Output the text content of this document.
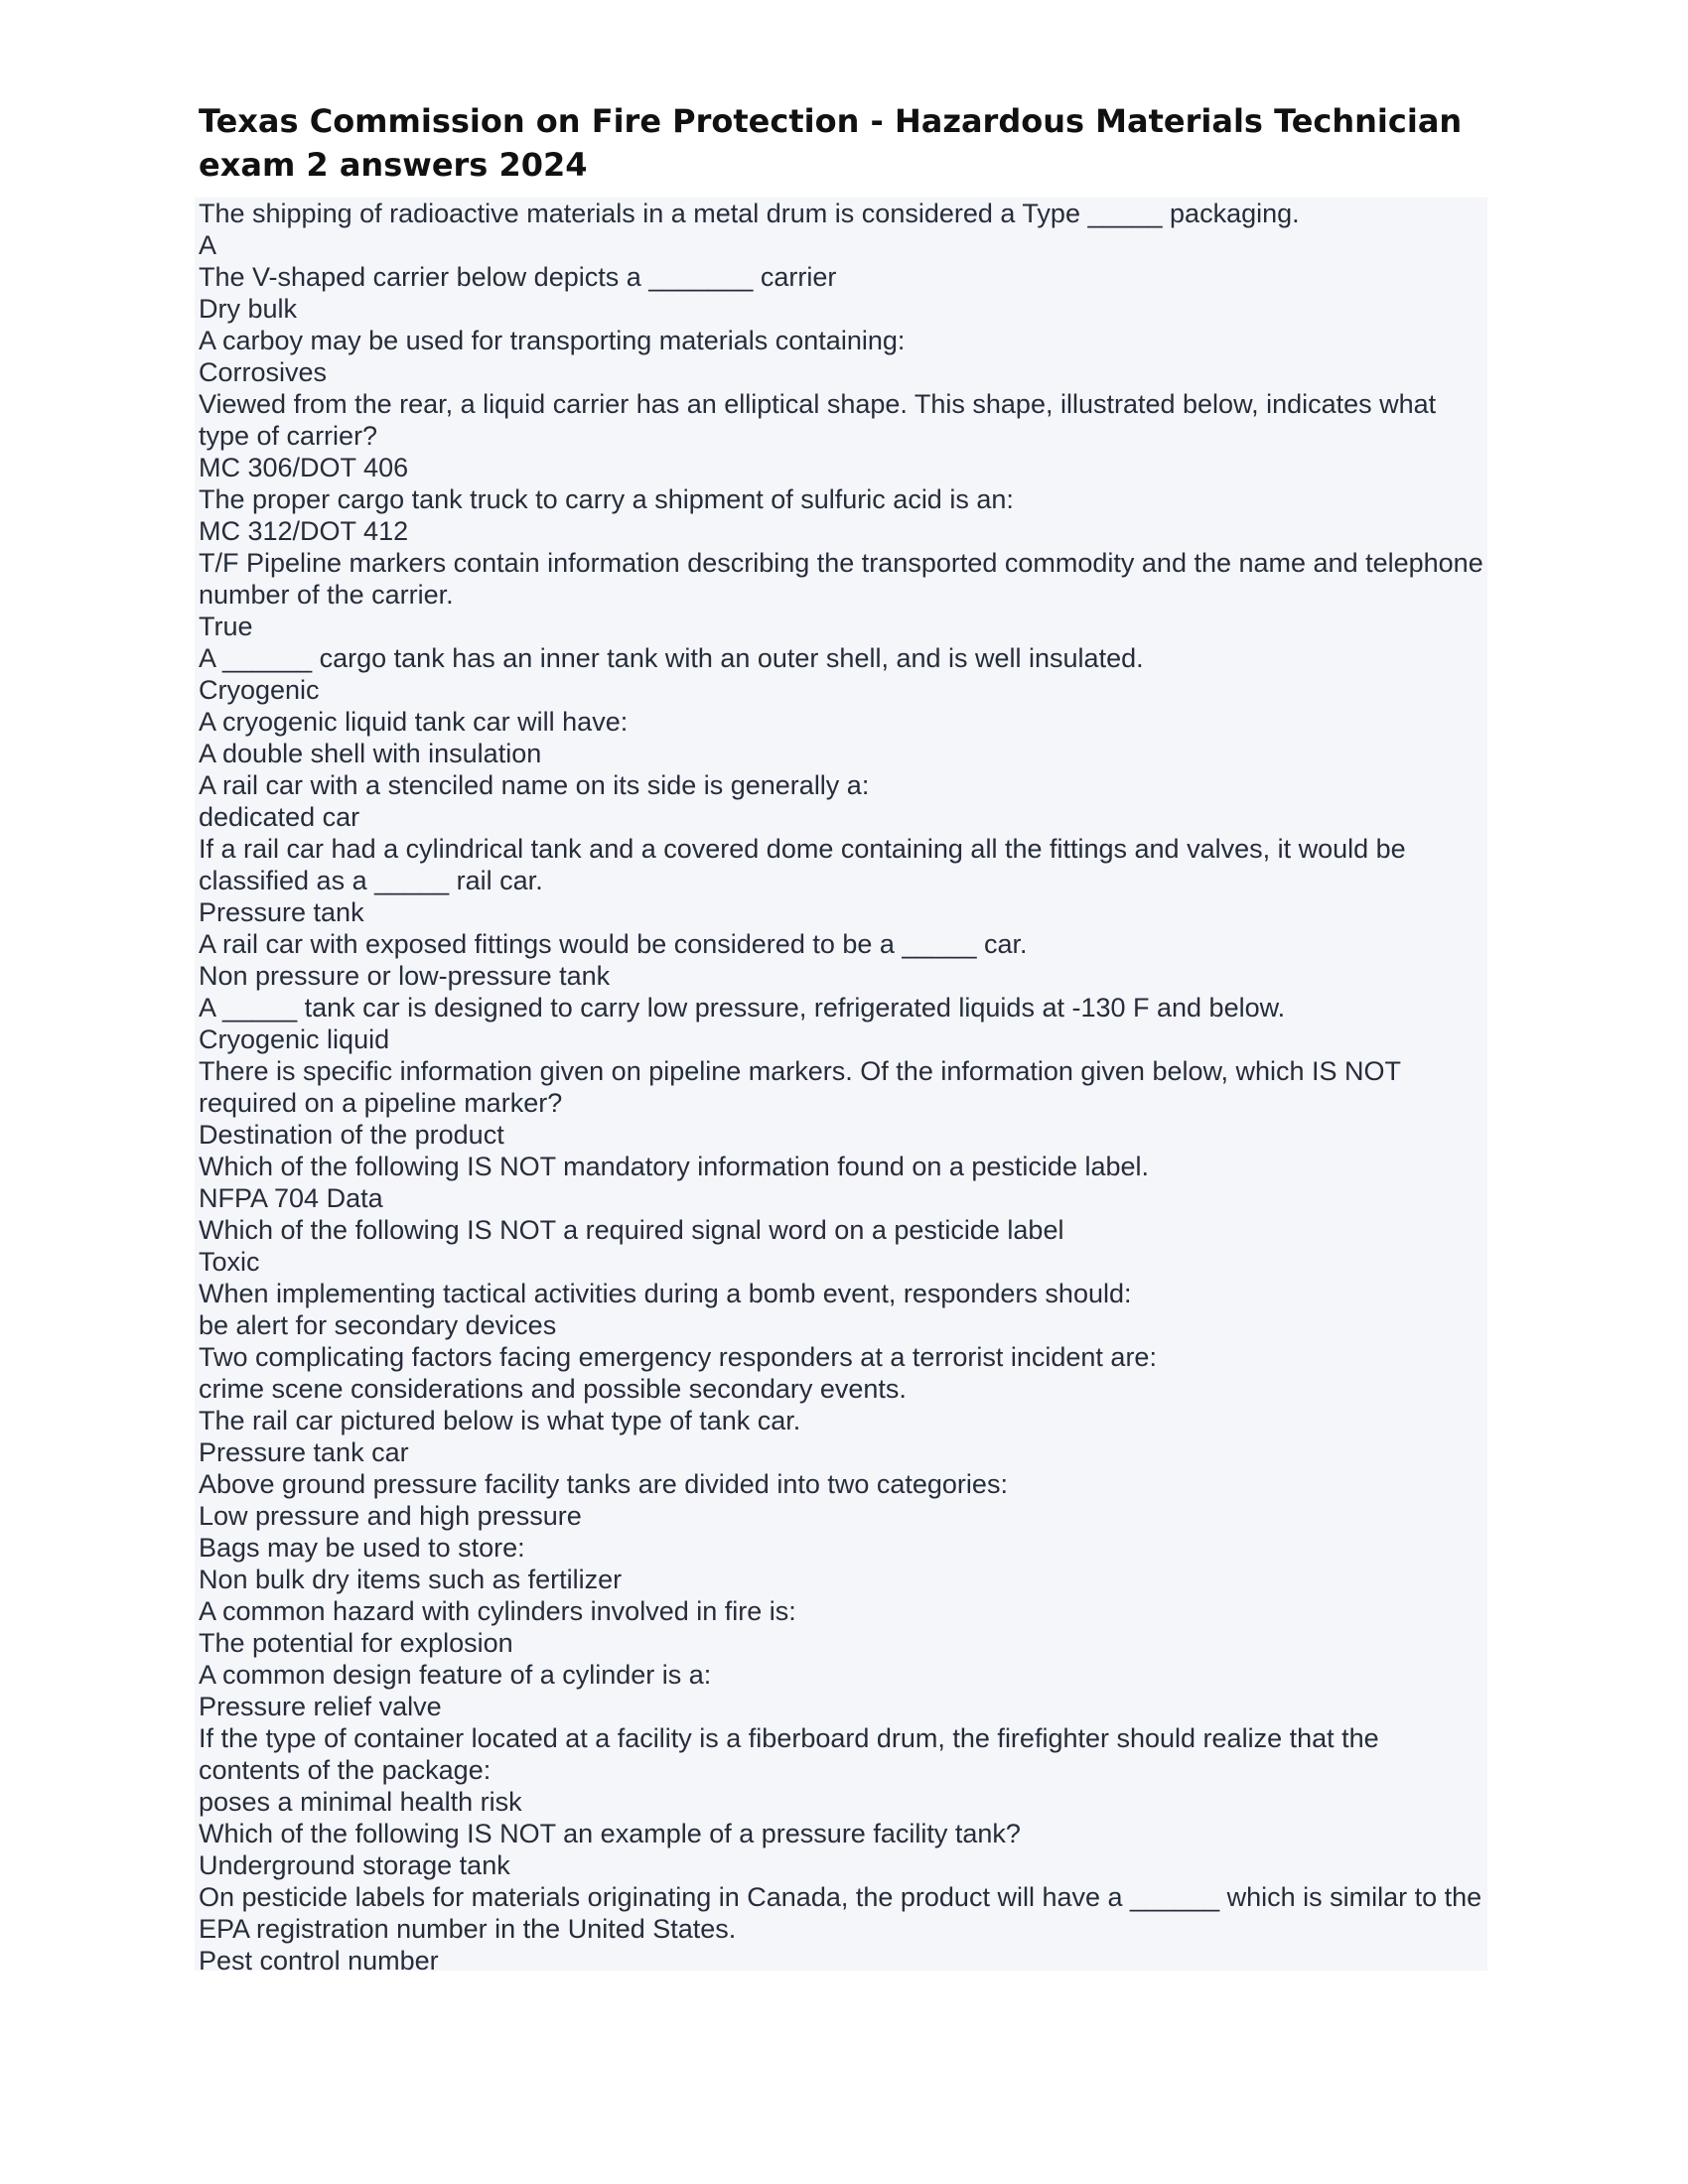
Texas Commission on Fire Protection - Hazardous Materials Technician exam 2 answers 2024
The shipping of radioactive materials in a metal drum is considered a Type _____ packaging.
A
The V-shaped carrier below depicts a _______ carrier
Dry bulk
A carboy may be used for transporting materials containing:
Corrosives
Viewed from the rear, a liquid carrier has an elliptical shape. This shape, illustrated below, indicates what type of carrier?
MC 306/DOT 406
The proper cargo tank truck to carry a shipment of sulfuric acid is an:
MC 312/DOT 412
T/F Pipeline markers contain information describing the transported commodity and the name and telephone number of the carrier.
True
A ______ cargo tank has an inner tank with an outer shell, and is well insulated.
Cryogenic
A cryogenic liquid tank car will have:
A double shell with insulation
A rail car with a stenciled name on its side is generally a:
dedicated car
If a rail car had a cylindrical tank and a covered dome containing all the fittings and valves, it would be classified as a _____ rail car.
Pressure tank
A rail car with exposed fittings would be considered to be a _____ car.
Non pressure or low-pressure tank
A _____ tank car is designed to carry low pressure, refrigerated liquids at -130 F and below.
Cryogenic liquid
There is specific information given on pipeline markers. Of the information given below, which IS NOT required on a pipeline marker?
Destination of the product
Which of the following IS NOT mandatory information found on a pesticide label.
NFPA 704 Data
Which of the following IS NOT a required signal word on a pesticide label
Toxic
When implementing tactical activities during a bomb event, responders should:
be alert for secondary devices
Two complicating factors facing emergency responders at a terrorist incident are:
crime scene considerations and possible secondary events.
The rail car pictured below is what type of tank car.
Pressure tank car
Above ground pressure facility tanks are divided into two categories:
Low pressure and high pressure
Bags may be used to store:
Non bulk dry items such as fertilizer
A common hazard with cylinders involved in fire is:
The potential for explosion
A common design feature of a cylinder is a:
Pressure relief valve
If the type of container located at a facility is a fiberboard drum, the firefighter should realize that the contents of the package:
poses a minimal health risk
Which of the following IS NOT an example of a pressure facility tank?
Underground storage tank
On pesticide labels for materials originating in Canada, the product will have a ______ which is similar to the EPA registration number in the United States.
Pest control number
